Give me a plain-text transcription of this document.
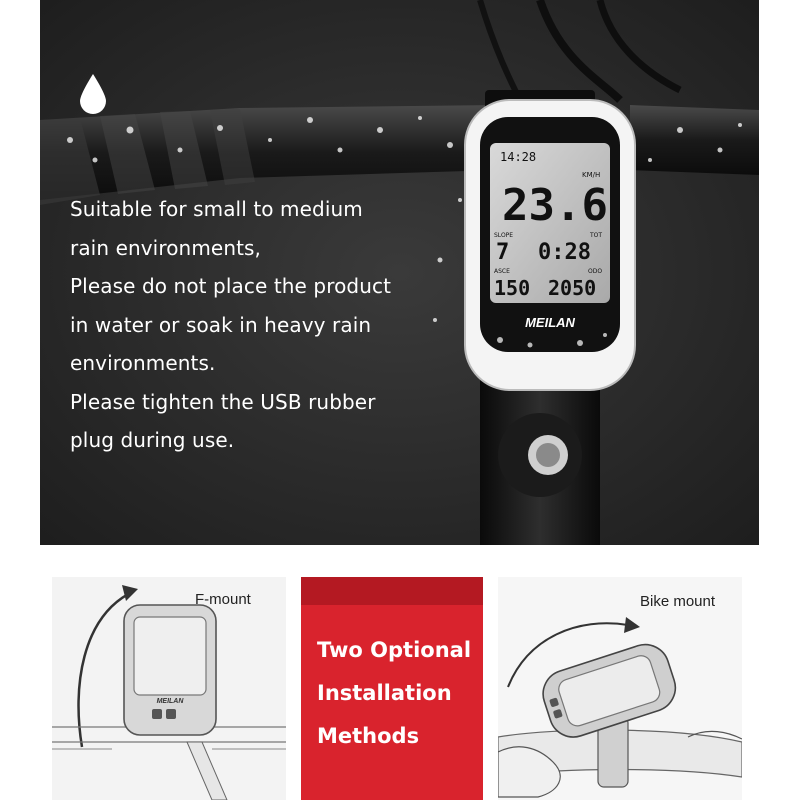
14:28
23.6
KM/H
SLOPE	TOT
7 0:28
ASCE	ODO
150 2050
MEILAN
Suitable for small to medium
rain environments,
Please do not place the product
in water or soak in heavy rain
environments.
Please tighten the USB rubber
plug during use.
MEILAN
F-mount
Two Optional
Installation
Methods
Bike mount
